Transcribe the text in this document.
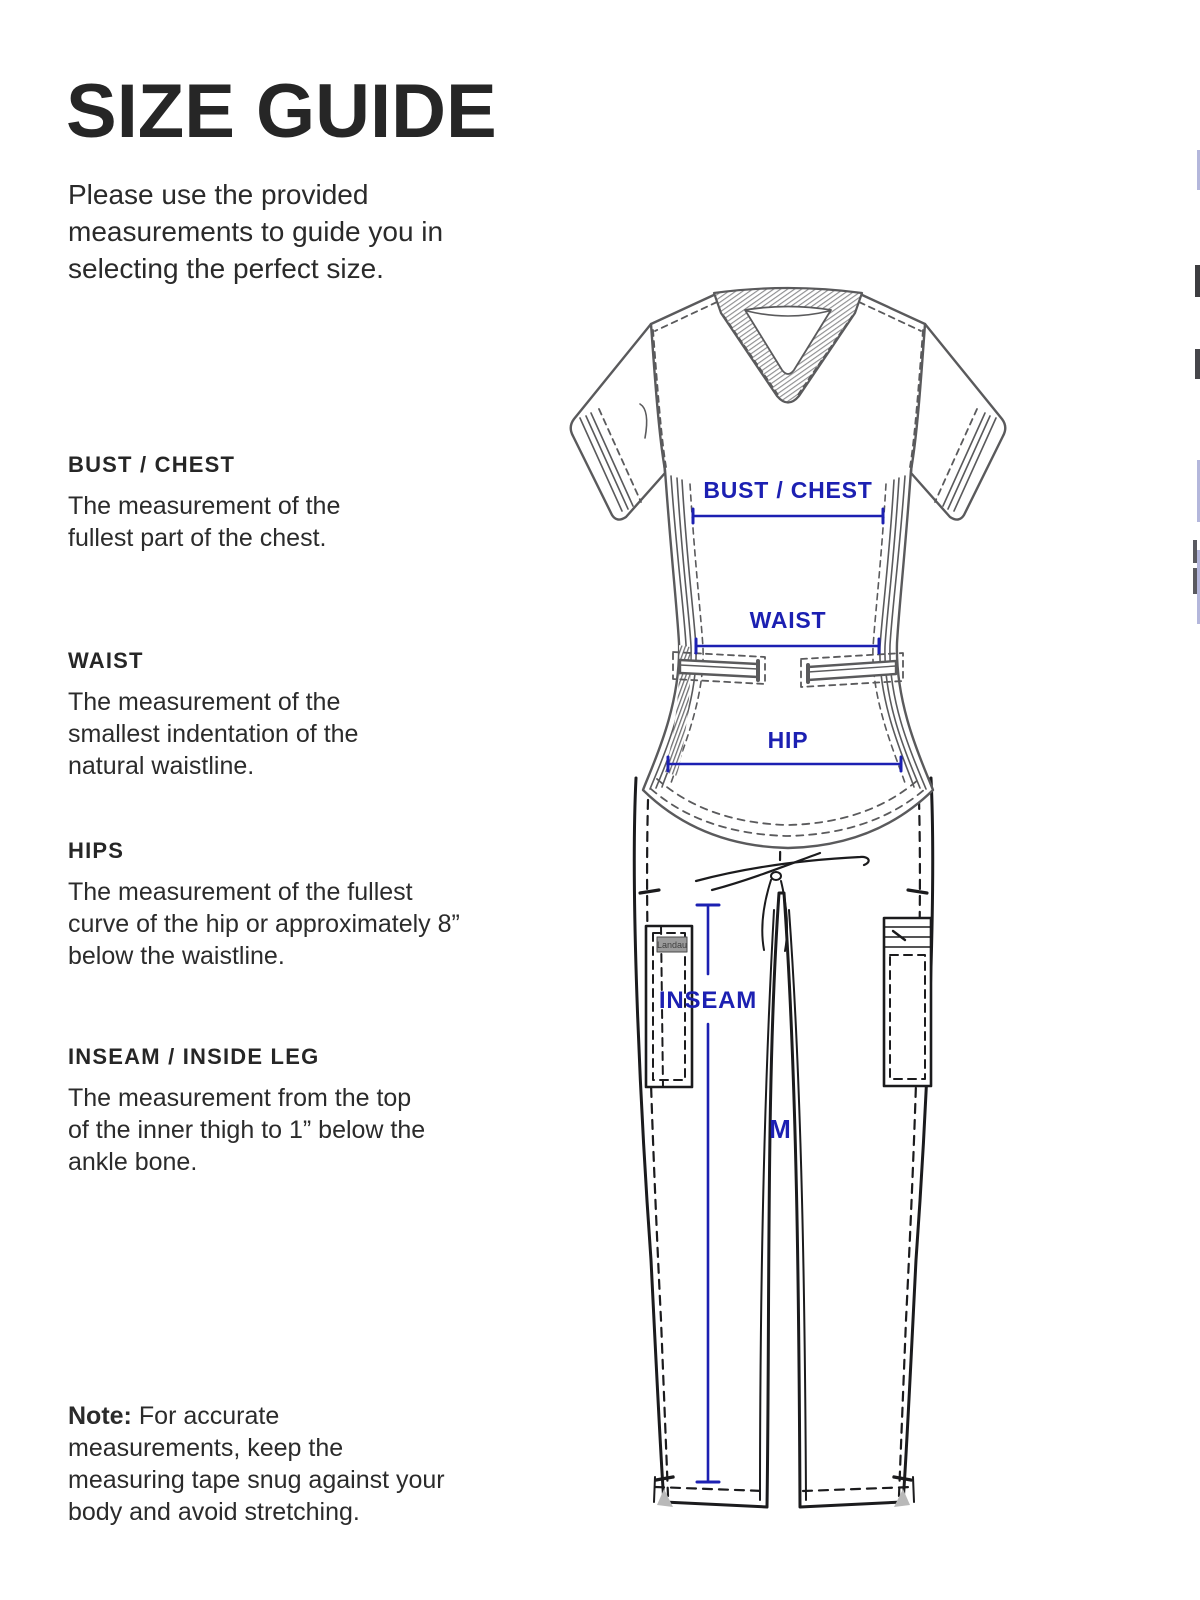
SIZE GUIDE
Please use the provided measurements to guide you in selecting the perfect size.
BUST / CHEST

The measurement of the fullest part of the chest.

WAIST

The measurement of the smallest indentation of the natural waistline.

HIPS

The measurement of the fullest curve of the hip or approximately 8” below the waistline.

INSEAM / INSIDE LEG

The measurement from the top of the inner thigh to 1” below the ankle bone.

Note: For accurate measurements, keep the measuring tape snug against your body and avoid stretching.
Landau
BUST / CHEST
WAIST
HIP
INSEAM
M
